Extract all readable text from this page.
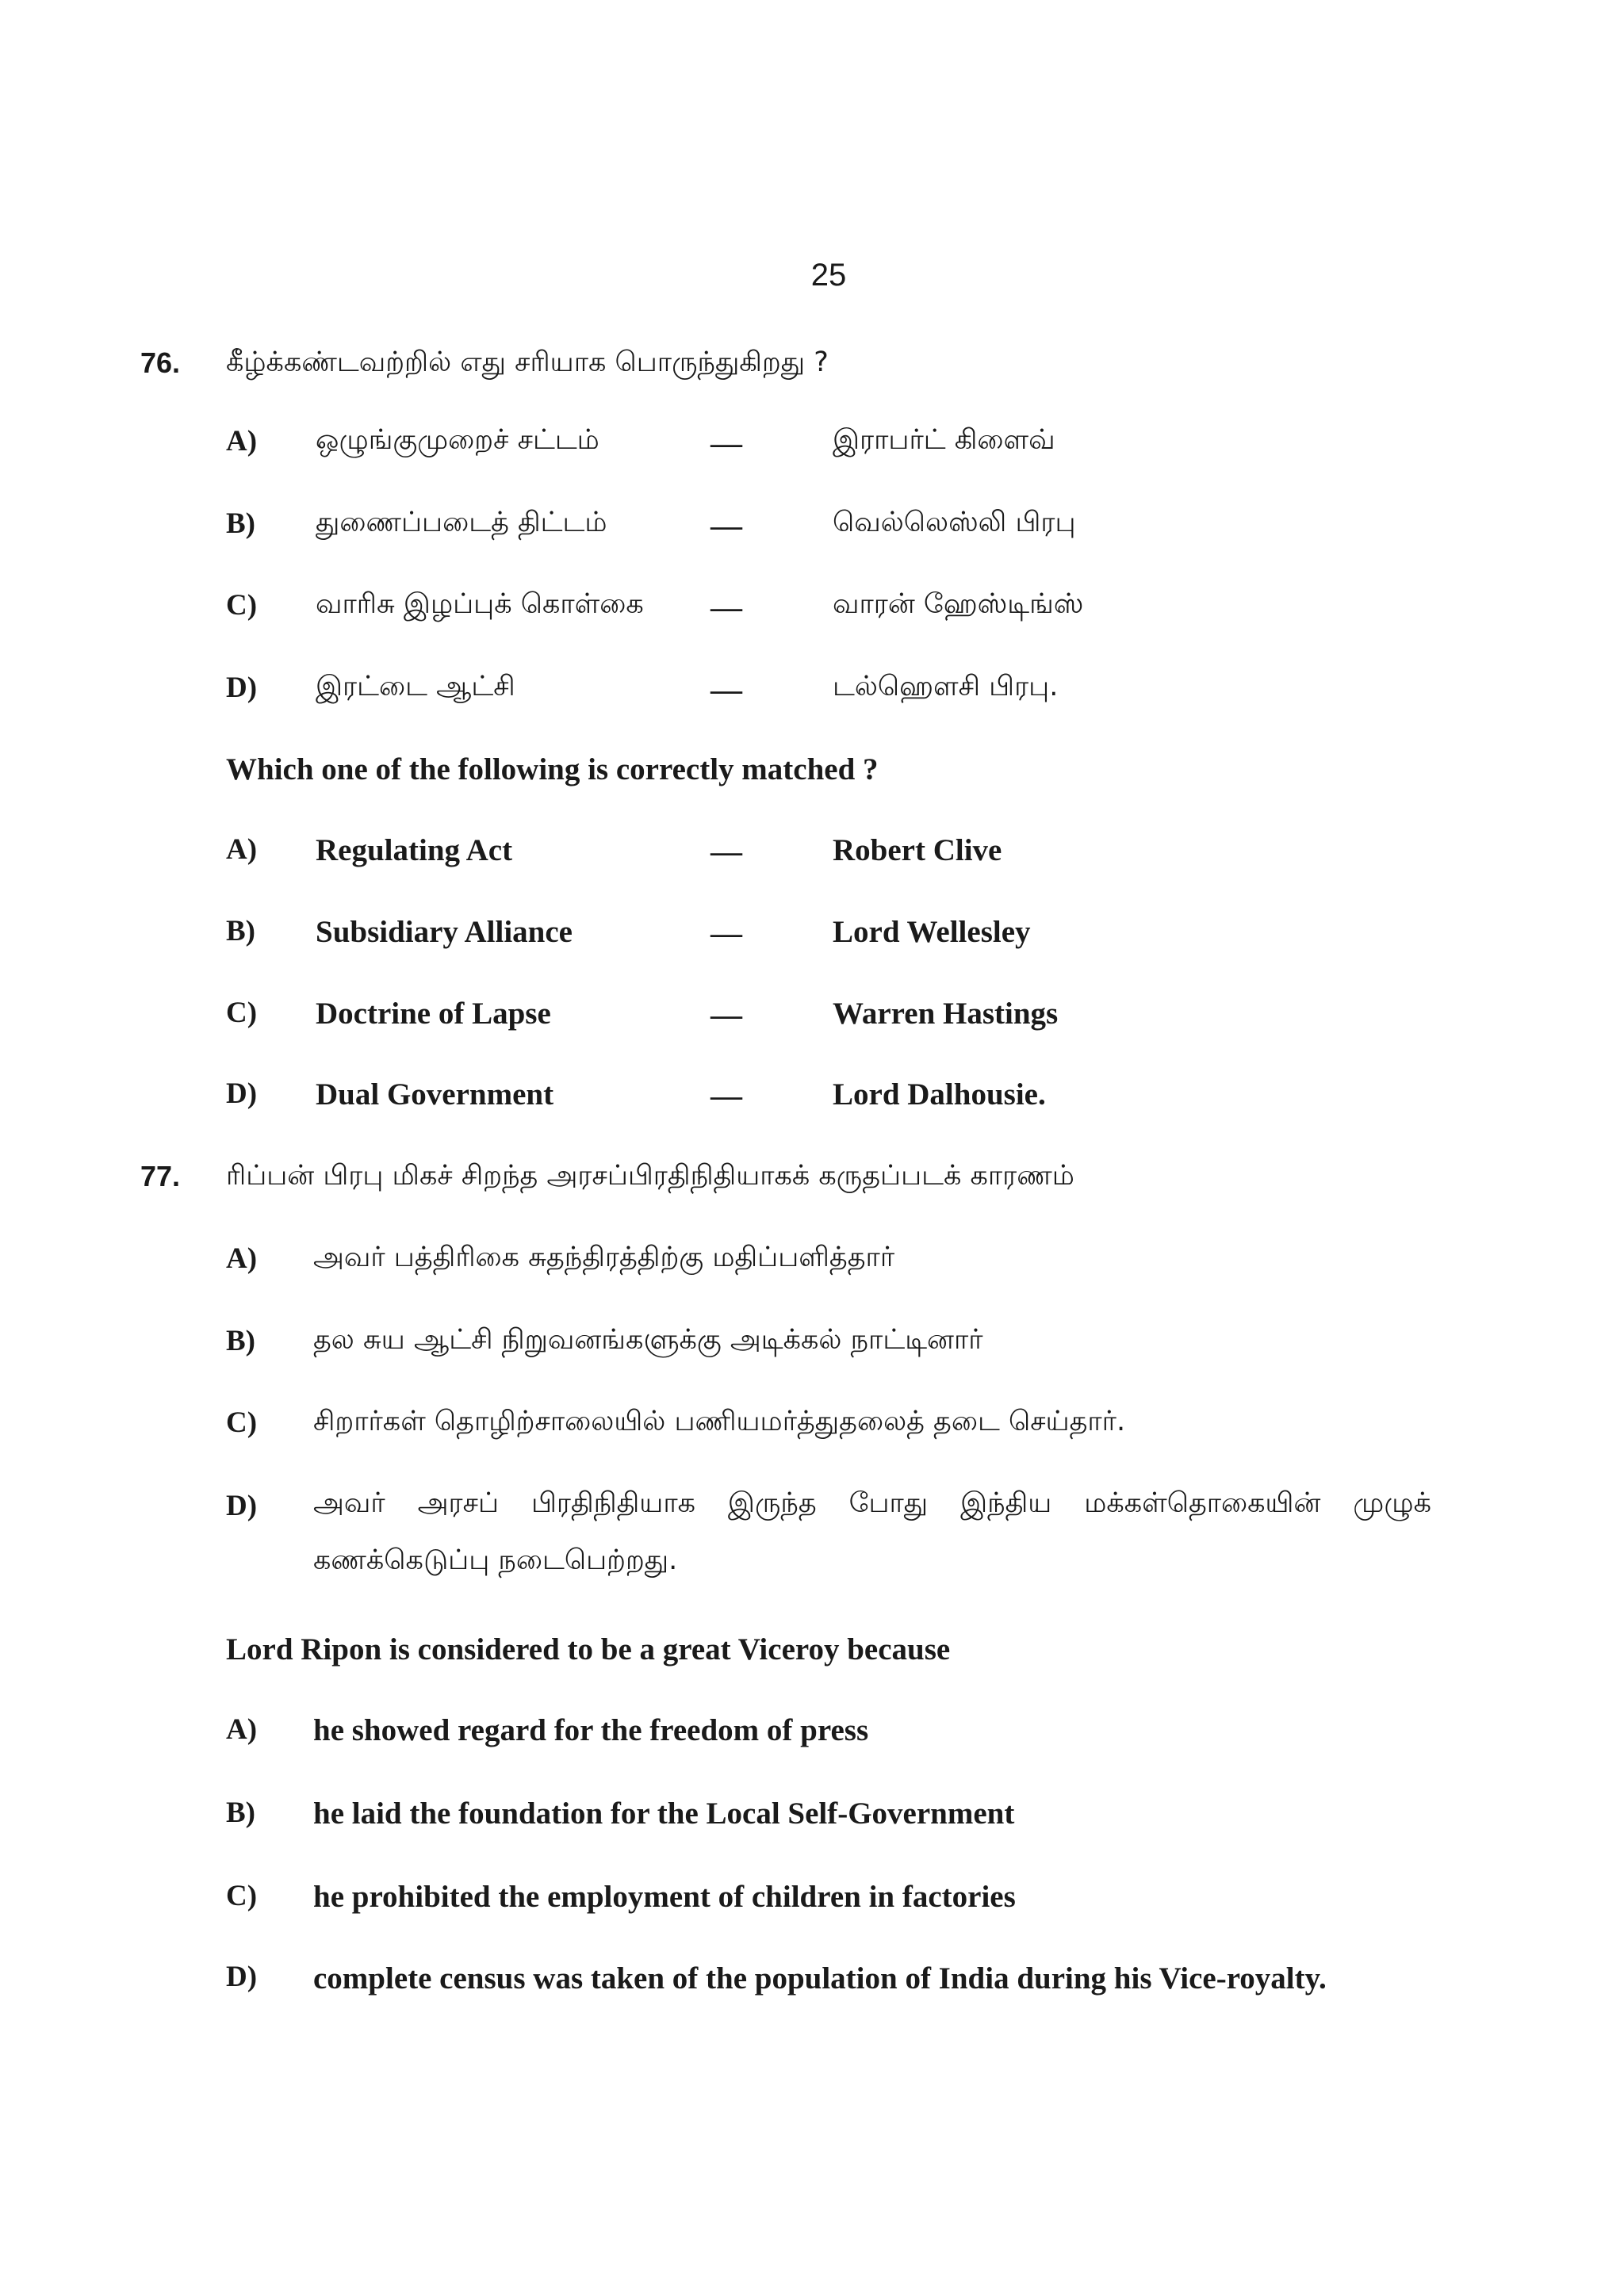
25
76. கீழ்க்கண்டவற்றில் எது சரியாக பொருந்துகிறது ?
A) ஒழுங்குமுறைச் சட்டம்	—	இராபர்ட் கிளைவ்
B) துணைப்படைத் திட்டம்	—	வெல்லெஸ்லி பிரபு
C) வாரிசு இழப்புக் கொள்கை —	வாரன் ஹேஸ்டிங்ஸ்
D) இரட்டை ஆட்சி	—	டல்ஹௌசி பிரபு.
Which one of the following is correctly matched ?
A) Regulating Act	—	Robert Clive
B) Subsidiary Alliance	—	Lord Wellesley
C) Doctrine of Lapse	—	Warren Hastings
D) Dual Government	—	Lord Dalhousie.
77. ரிப்பன் பிரபு மிகச் சிறந்த அரசப்பிரதிநிதியாகக் கருதப்படக் காரணம்
A) அவர் பத்திரிகை சுதந்திரத்திற்கு மதிப்பளித்தார்
B) தல சுய ஆட்சி நிறுவனங்களுக்கு அடிக்கல் நாட்டினார்
C) சிறார்கள் தொழிற்சாலையில் பணியமர்த்துதலைத் தடை செய்தார்.
D) அவர் அரசப் பிரதிநிதியாக இருந்த போது இந்திய மக்கள்தொகையின் முழுக் கணக்கெடுப்பு நடைபெற்றது.
Lord Ripon is considered to be a great Viceroy because
A) he showed regard for the freedom of press
B) he laid the foundation for the Local Self-Government
C) he prohibited the employment of children in factories
D) complete census was taken of the population of India during his Vice-royalty.
